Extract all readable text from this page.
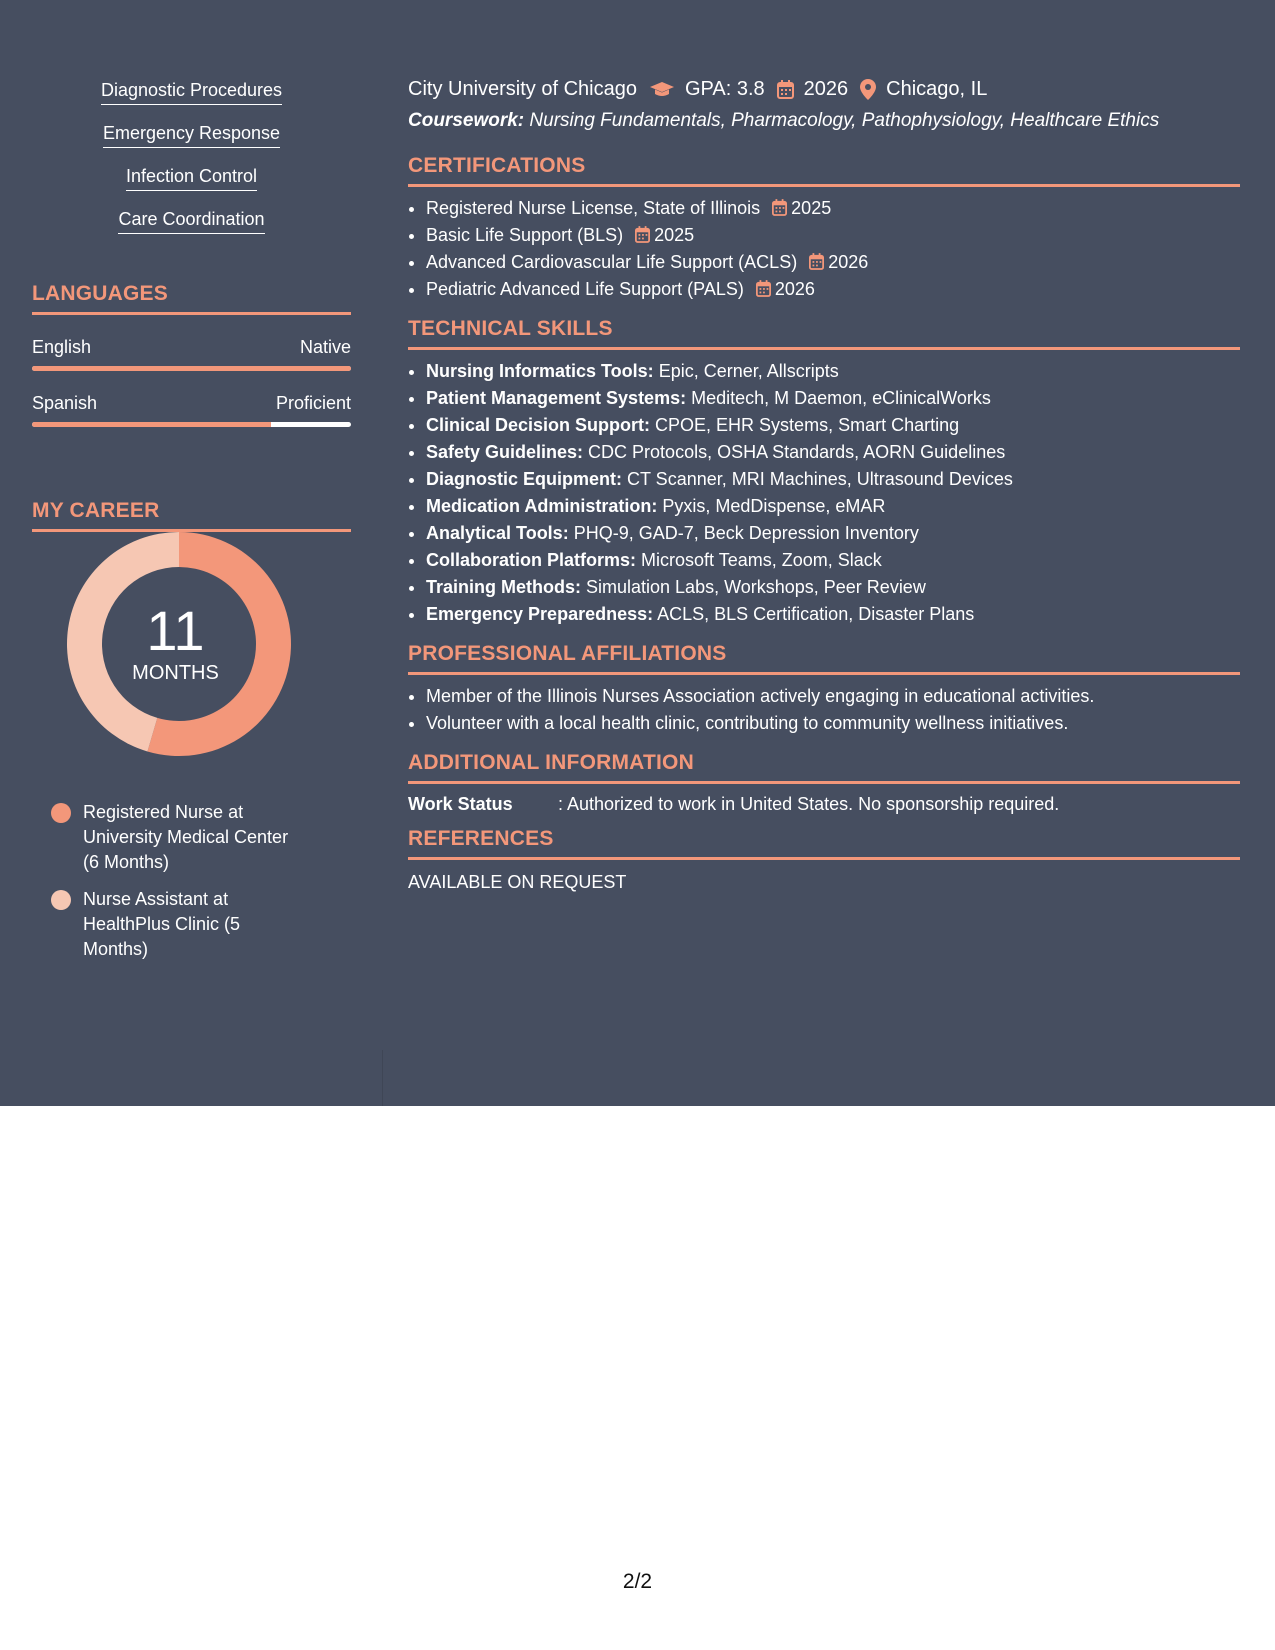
Diagnostic Procedures
Emergency Response
Infection Control
Care Coordination
LANGUAGES
English	Native
Spanish	Proficient
MY CAREER
11
MONTHS
Registered Nurse at University Medical Center (6 Months)
Nurse Assistant at HealthPlus Clinic (5 Months)
City University of Chicago GPA: 3.8 2026 Chicago, IL
Coursework: Nursing Fundamentals, Pharmacology, Pathophysiology, Healthcare Ethics
CERTIFICATIONS
• Registered Nurse License, State of Illinois 2025
• Basic Life Support (BLS) 2025
• Advanced Cardiovascular Life Support (ACLS) 2026
• Pediatric Advanced Life Support (PALS) 2026
TECHNICAL SKILLS
• Nursing Informatics Tools: Epic, Cerner, Allscripts
• Patient Management Systems: Meditech, M Daemon, eClinicalWorks
• Clinical Decision Support: CPOE, EHR Systems, Smart Charting
• Safety Guidelines: CDC Protocols, OSHA Standards, AORN Guidelines
• Diagnostic Equipment: CT Scanner, MRI Machines, Ultrasound Devices
• Medication Administration: Pyxis, MedDispense, eMAR
• Analytical Tools: PHQ-9, GAD-7, Beck Depression Inventory
• Collaboration Platforms: Microsoft Teams, Zoom, Slack
• Training Methods: Simulation Labs, Workshops, Peer Review
• Emergency Preparedness: ACLS, BLS Certification, Disaster Plans
PROFESSIONAL AFFILIATIONS
• Member of the Illinois Nurses Association actively engaging in educational activities.
• Volunteer with a local health clinic, contributing to community wellness initiatives.
ADDITIONAL INFORMATION
Work Status	: Authorized to work in United States. No sponsorship required.
REFERENCES
AVAILABLE ON REQUEST
2/2
